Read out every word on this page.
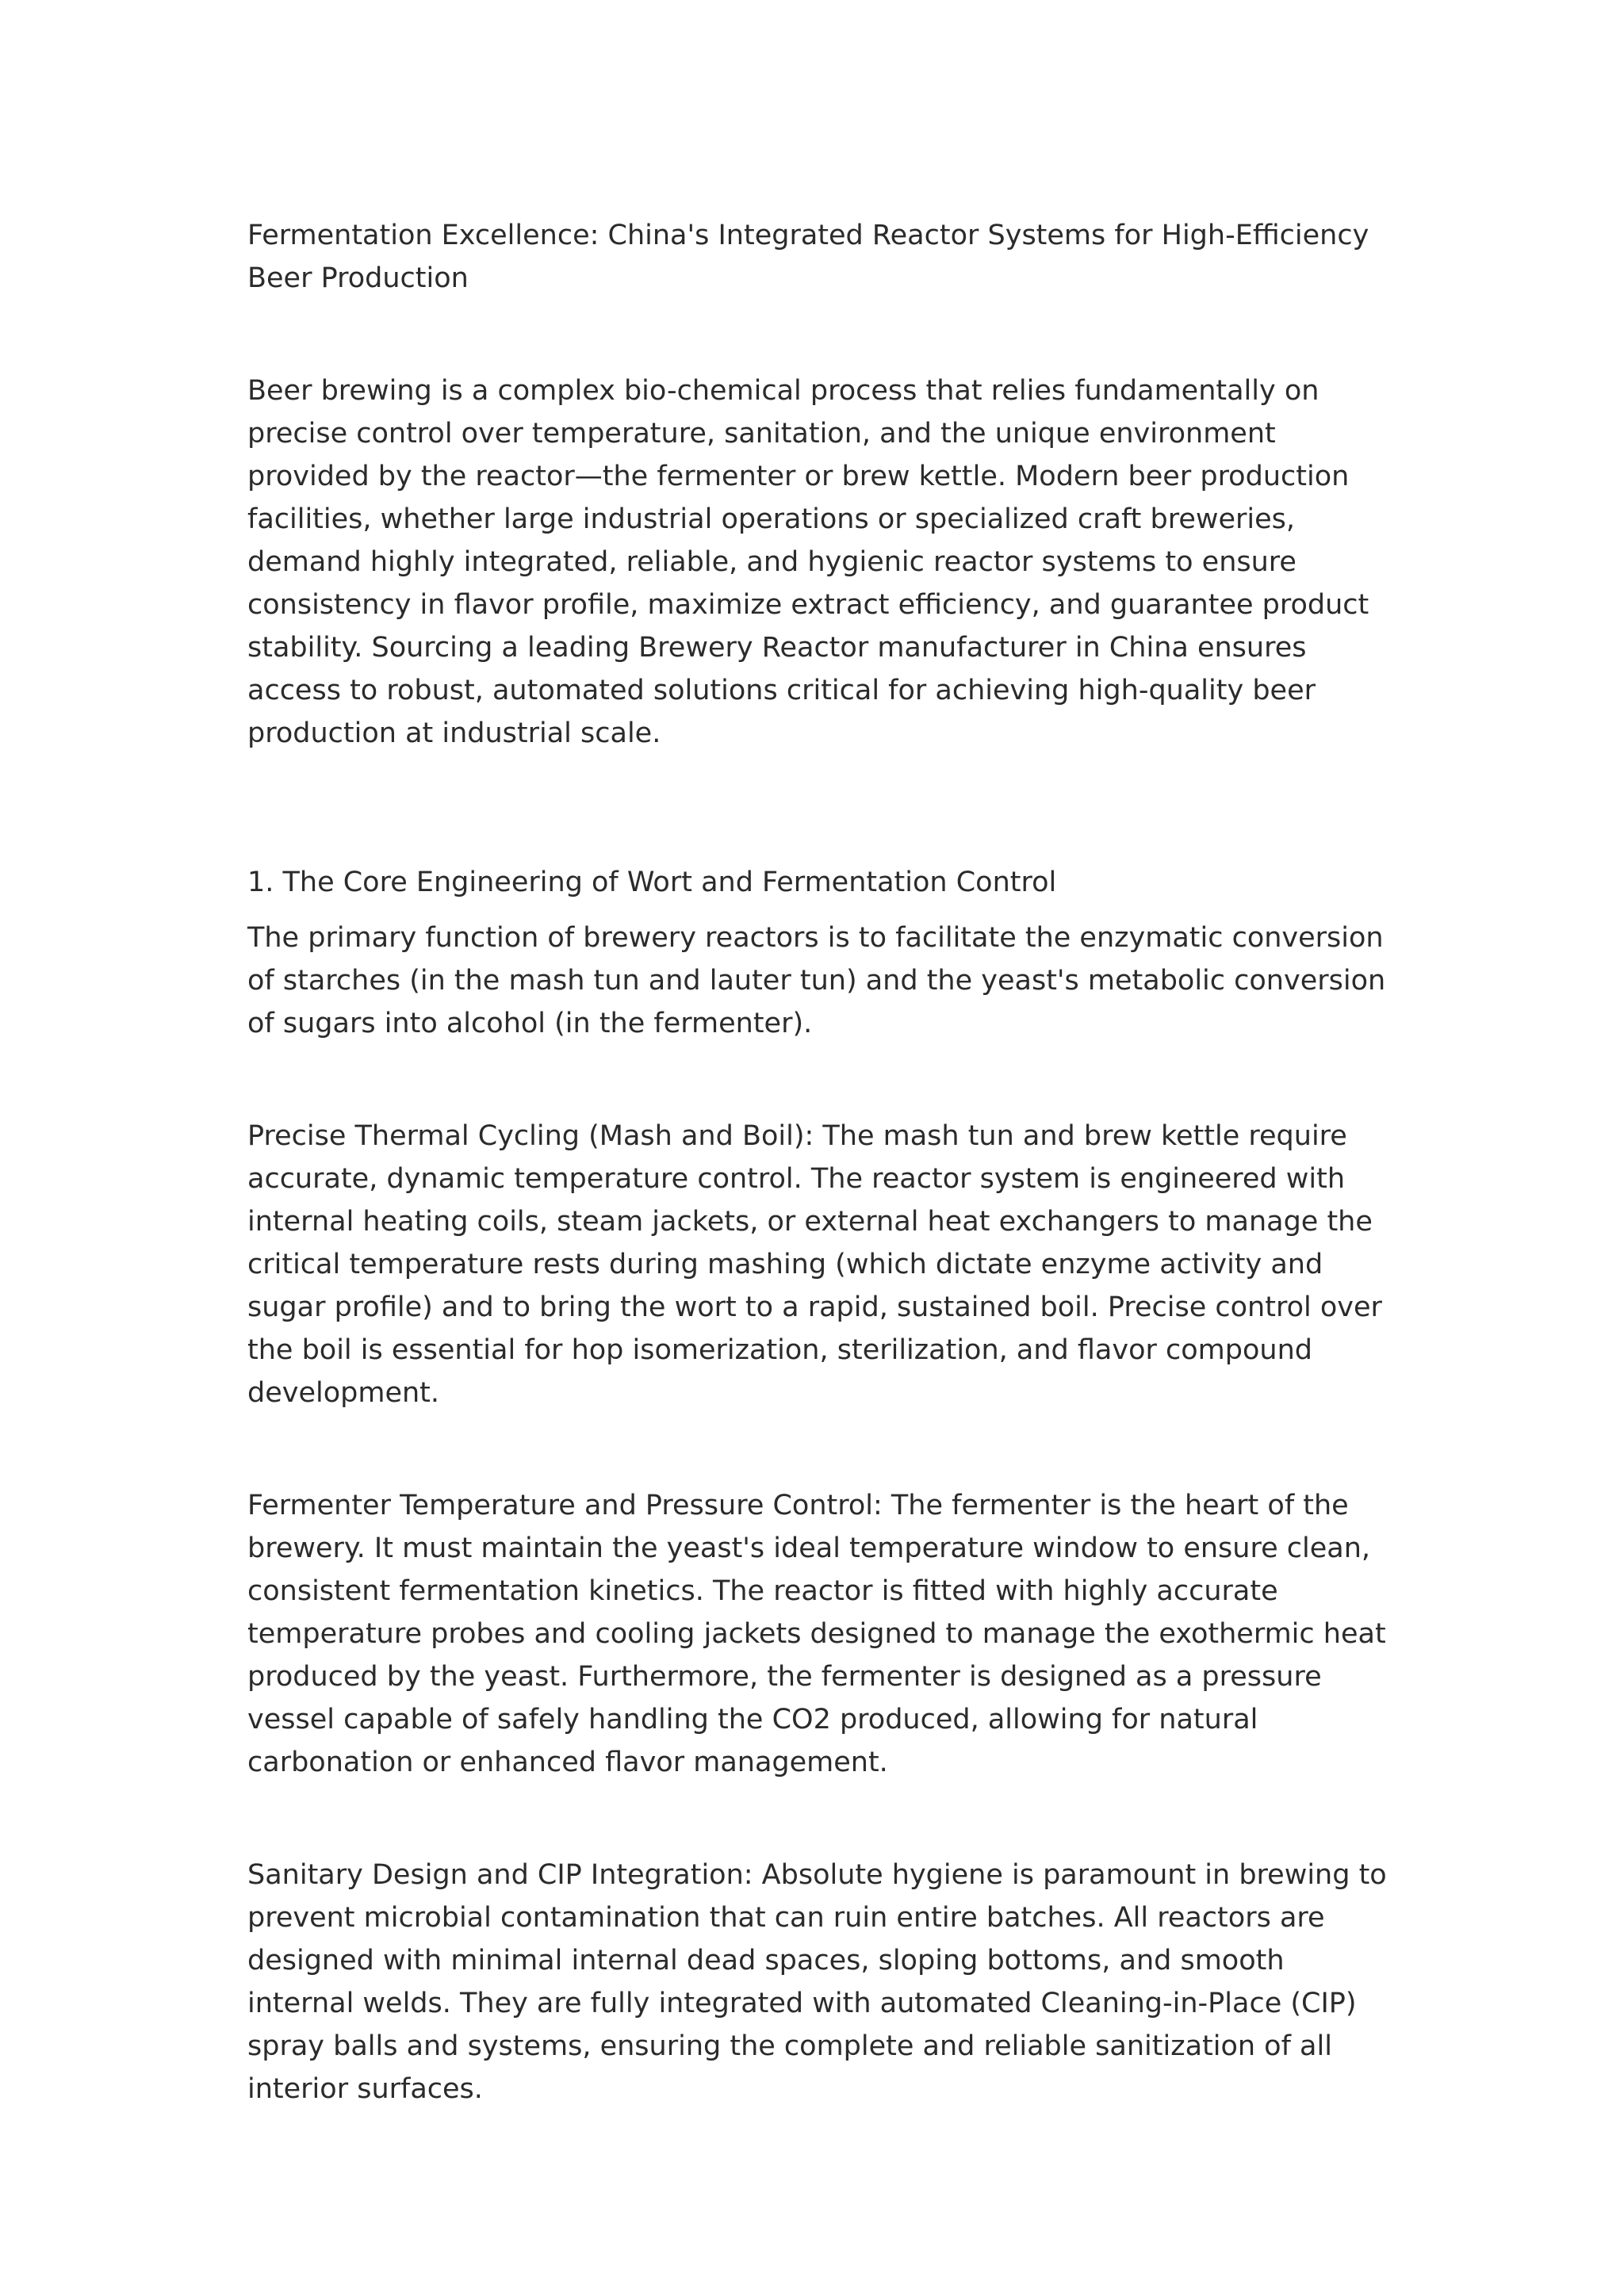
Fermentation Excellence: China's Integrated Reactor Systems for High-Efficiency Beer Production

Beer brewing is a complex bio-chemical process that relies fundamentally on precise control over temperature, sanitation, and the unique environment provided by the reactor—the fermenter or brew kettle. Modern beer production facilities, whether large industrial operations or specialized craft breweries, demand highly integrated, reliable, and hygienic reactor systems to ensure consistency in flavor profile, maximize extract efficiency, and guarantee product stability. Sourcing a leading Brewery Reactor manufacturer in China ensures access to robust, automated solutions critical for achieving high-quality beer production at industrial scale.

1. The Core Engineering of Wort and Fermentation Control

The primary function of brewery reactors is to facilitate the enzymatic conversion of starches (in the mash tun and lauter tun) and the yeast's metabolic conversion of sugars into alcohol (in the fermenter).

Precise Thermal Cycling (Mash and Boil): The mash tun and brew kettle require accurate, dynamic temperature control. The reactor system is engineered with internal heating coils, steam jackets, or external heat exchangers to manage the critical temperature rests during mashing (which dictate enzyme activity and sugar profile) and to bring the wort to a rapid, sustained boil. Precise control over the boil is essential for hop isomerization, sterilization, and flavor compound development.

Fermenter Temperature and Pressure Control: The fermenter is the heart of the brewery. It must maintain the yeast's ideal temperature window to ensure clean, consistent fermentation kinetics. The reactor is fitted with highly accurate temperature probes and cooling jackets designed to manage the exothermic heat produced by the yeast. Furthermore, the fermenter is designed as a pressure vessel capable of safely handling the CO2 produced, allowing for natural carbonation or enhanced flavor management.

Sanitary Design and CIP Integration: Absolute hygiene is paramount in brewing to prevent microbial contamination that can ruin entire batches. All reactors are designed with minimal internal dead spaces, sloping bottoms, and smooth internal welds. They are fully integrated with automated Cleaning-in-Place (CIP) spray balls and systems, ensuring the complete and reliable sanitization of all interior surfaces.
